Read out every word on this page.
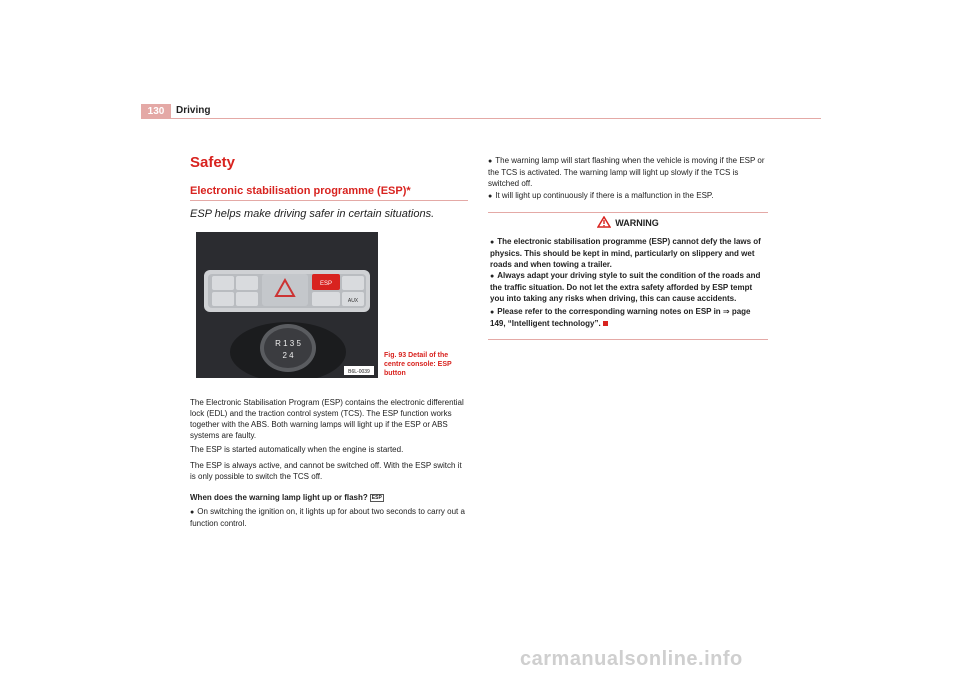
130	Driving
Safety
Electronic stabilisation programme (ESP)*
ESP helps make driving safer in certain situations.
ESP
AUX
R 1 3 5
2 4
B6L-0039
Fig. 93 Detail of the centre console: ESP button
The Electronic Stabilisation Program (ESP) contains the electronic differential lock (EDL) and the traction control system (TCS). The ESP function works together with the ABS. Both warning lamps will light up if the ESP or ABS systems are faulty.
The ESP is started automatically when the engine is started.
The ESP is always active, and cannot be switched off. With the ESP switch it is only possible to switch the TCS off.
When does the warning lamp light up or flash? ESP
● On switching the ignition on, it lights up for about two seconds to carry out a function control.
● The warning lamp will start flashing when the vehicle is moving if the ESP or the TCS is activated. The warning lamp will light up slowly if the TCS is switched off.
● It will light up continuously if there is a malfunction in the ESP.
WARNING
● The electronic stabilisation programme (ESP) cannot defy the laws of physics. This should be kept in mind, particularly on slippery and wet roads and when towing a trailer.
● Always adapt your driving style to suit the condition of the roads and the traffic situation. Do not let the extra safety afforded by ESP tempt you into taking any risks when driving, this can cause accidents.
● Please refer to the corresponding warning notes on ESP in ⇒ page 149, “Intelligent technology”.
carmanualsonline.info
